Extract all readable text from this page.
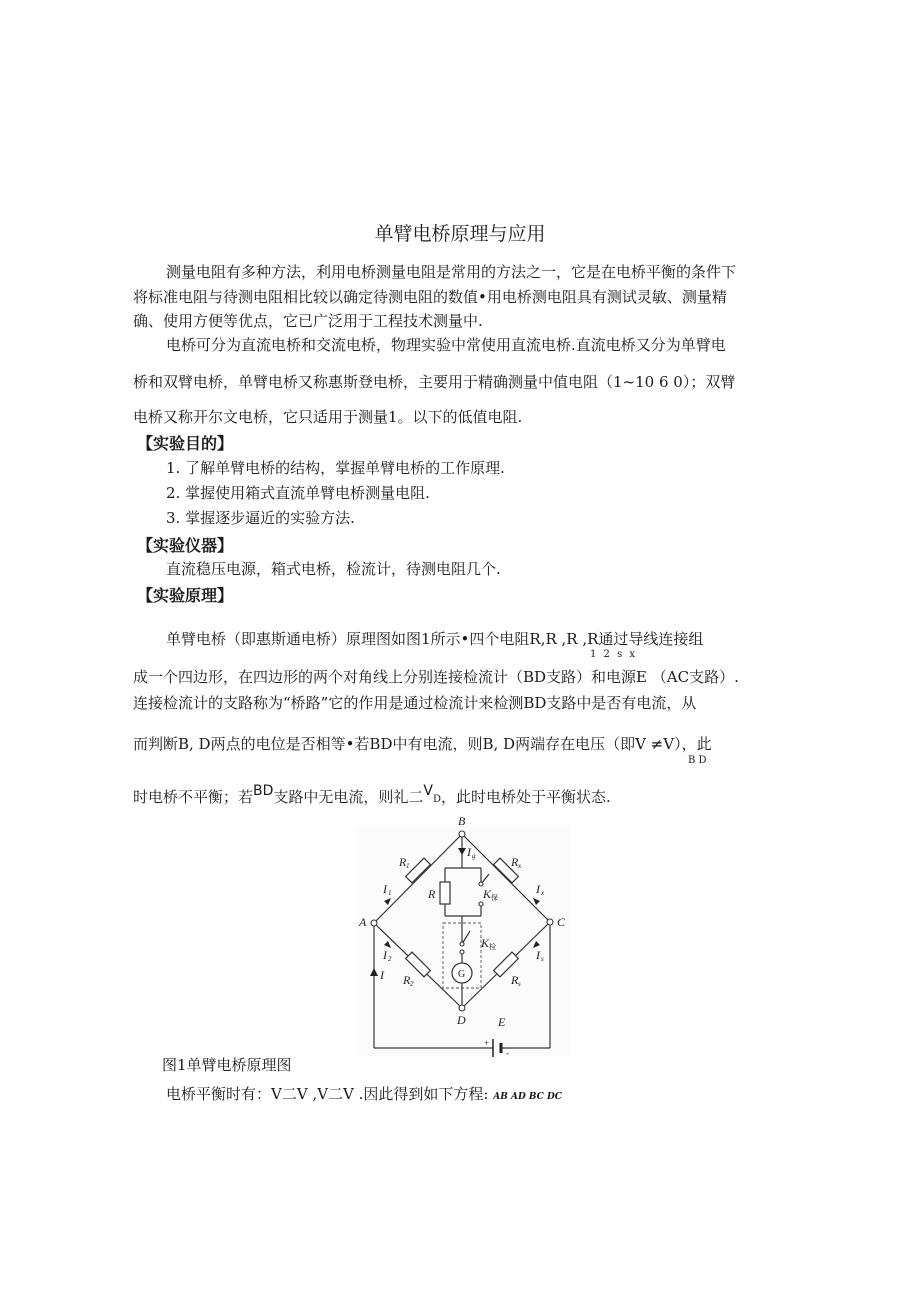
单臂电桥原理与应用
测量电阻有多种方法，利用电桥测量电阻是常用的方法之一，它是在电桥平衡的条件下
将标准电阻与待测电阻相比较以确定待测电阻的数值•用电桥测电阻具有测试灵敏、测量精
确、使用方便等优点，它已广泛用于工程技术测量中.
电桥可分为直流电桥和交流电桥，物理实验中常使用直流电桥.直流电桥又分为单臂电
桥和双臂电桥，单臂电桥又称惠斯登电桥，主要用于精确测量中值电阻（1~10 6 0）；双臂
电桥又称开尔文电桥，它只适用于测量1。以下的低值电阻.
【实验目的】
1. 了解单臂电桥的结构，掌握单臂电桥的工作原理.
2. 掌握使用箱式直流单臂电桥测量电阻.
3. 掌握逐步逼近的实验方法.
【实验仪器】
直流稳压电源，箱式电桥，检流计，待测电阻几个.
【实验原理】
单臂电桥（即惠斯通电桥）原理图如图1所示•四个电阻R,R ,R ,R通过导线连接组
1 2 s x
成一个四边形，在四边形的两个对角线上分别连接检流计（BD支路）和电源E （AC支路）.
连接检流计的支路称为“桥路”它的作用是通过检流计来检测BD支路中是否有电流，从
而判断B, D两点的电位是否相等•若BD中有电流，则B, D两端存在电压（即V ≠V），此
B D
时电桥不平衡；若BD支路中无电流，则礼二VD，此时电桥处于平衡状态.
A
B
C
D	E
R 1	R x
R 2	R s
R
I 1	I x
I 2	I s
I g
I
K 保
K 检
G
+
-
图1单臂电桥原理图
电桥平衡时有：V二V ,V二V .因此得到如下方程: AB AD BC DC
